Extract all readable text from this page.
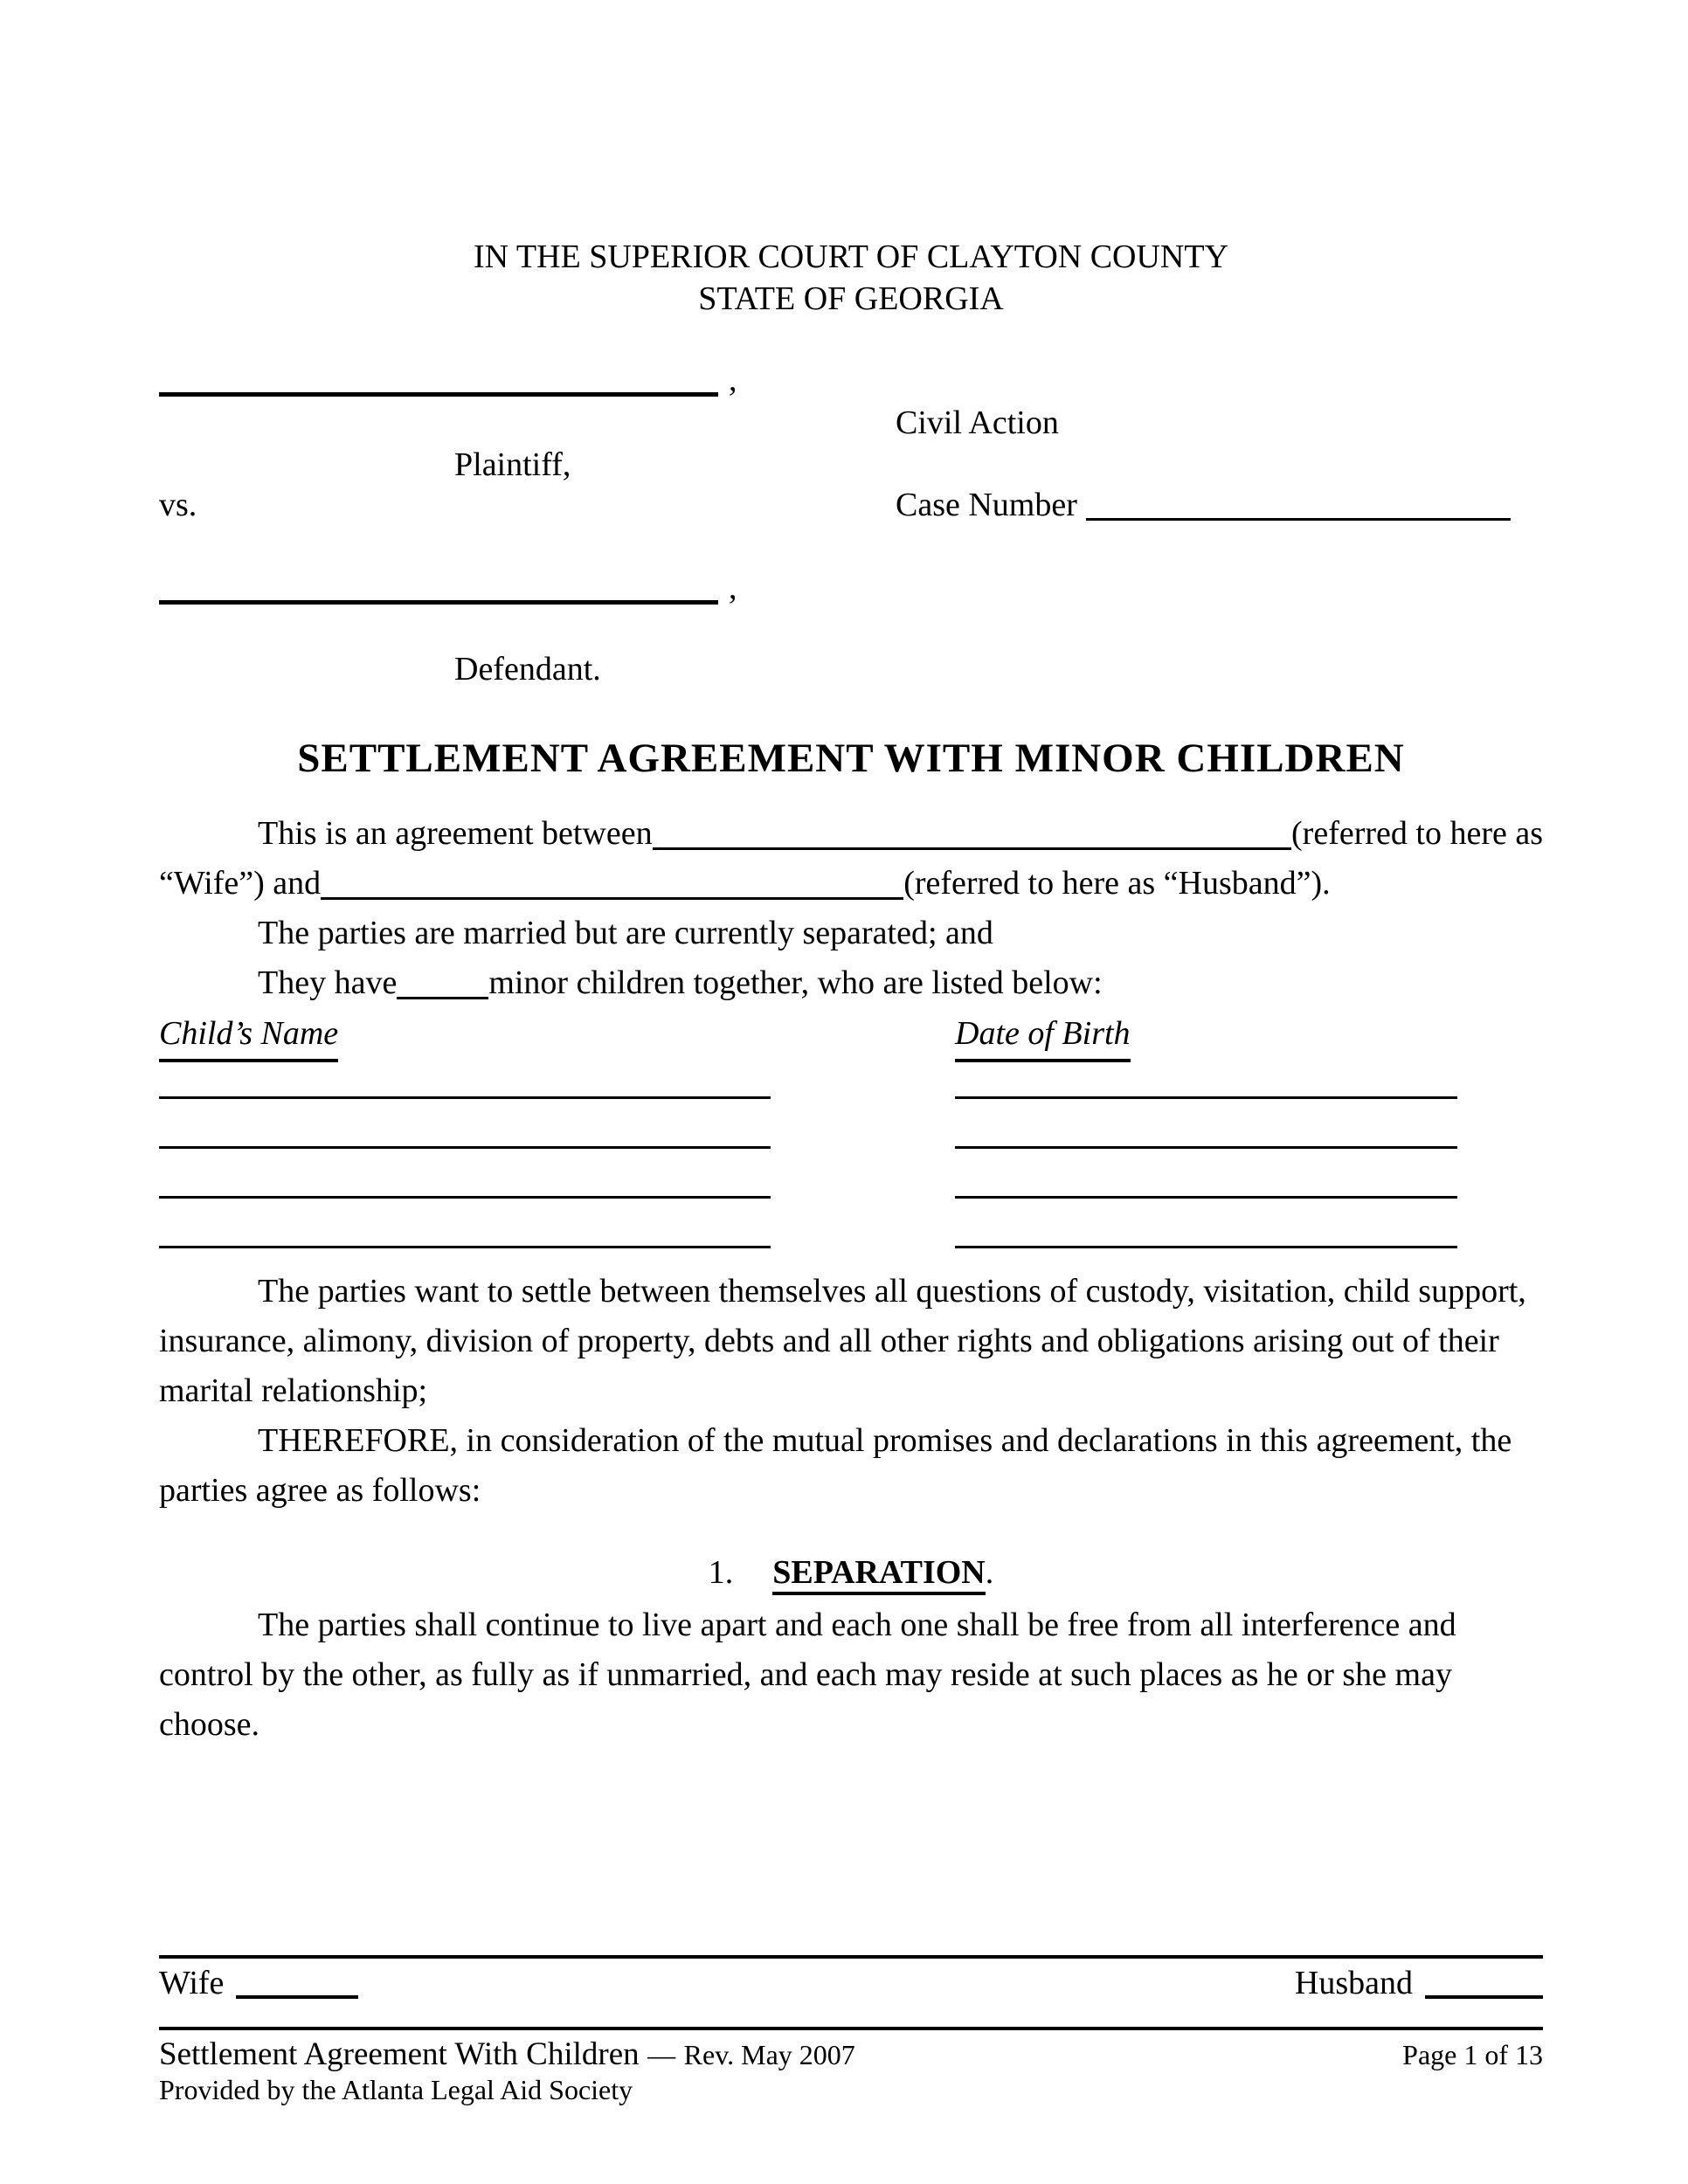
IN THE SUPERIOR COURT OF CLAYTON COUNTY
STATE OF GEORGIA
,
Civil Action
Plaintiff,
vs.	Case Number
,
Defendant.
SETTLEMENT AGREEMENT WITH MINOR CHILDREN
This is an agreement between	(referred to here as
“Wife”) and	(referred to here as “Husband”).
The parties are married but are currently separated; and
They have	minor children together, who are listed below:
Child’s Name	Date of Birth
The parties want to settle between themselves all questions of custody, visitation, child support,
insurance, alimony, division of property, debts and all other rights and obligations arising out of their
marital relationship;
THEREFORE, in consideration of the mutual promises and declarations in this agreement, the
parties agree as follows:
1. SEPARATION.
The parties shall continue to live apart and each one shall be free from all interference and
control by the other, as fully as if unmarried, and each may reside at such places as he or she may
choose.
Wife	Husband
Settlement Agreement With Children — Rev. May 2007	Page 1 of 13
Provided by the Atlanta Legal Aid Society
